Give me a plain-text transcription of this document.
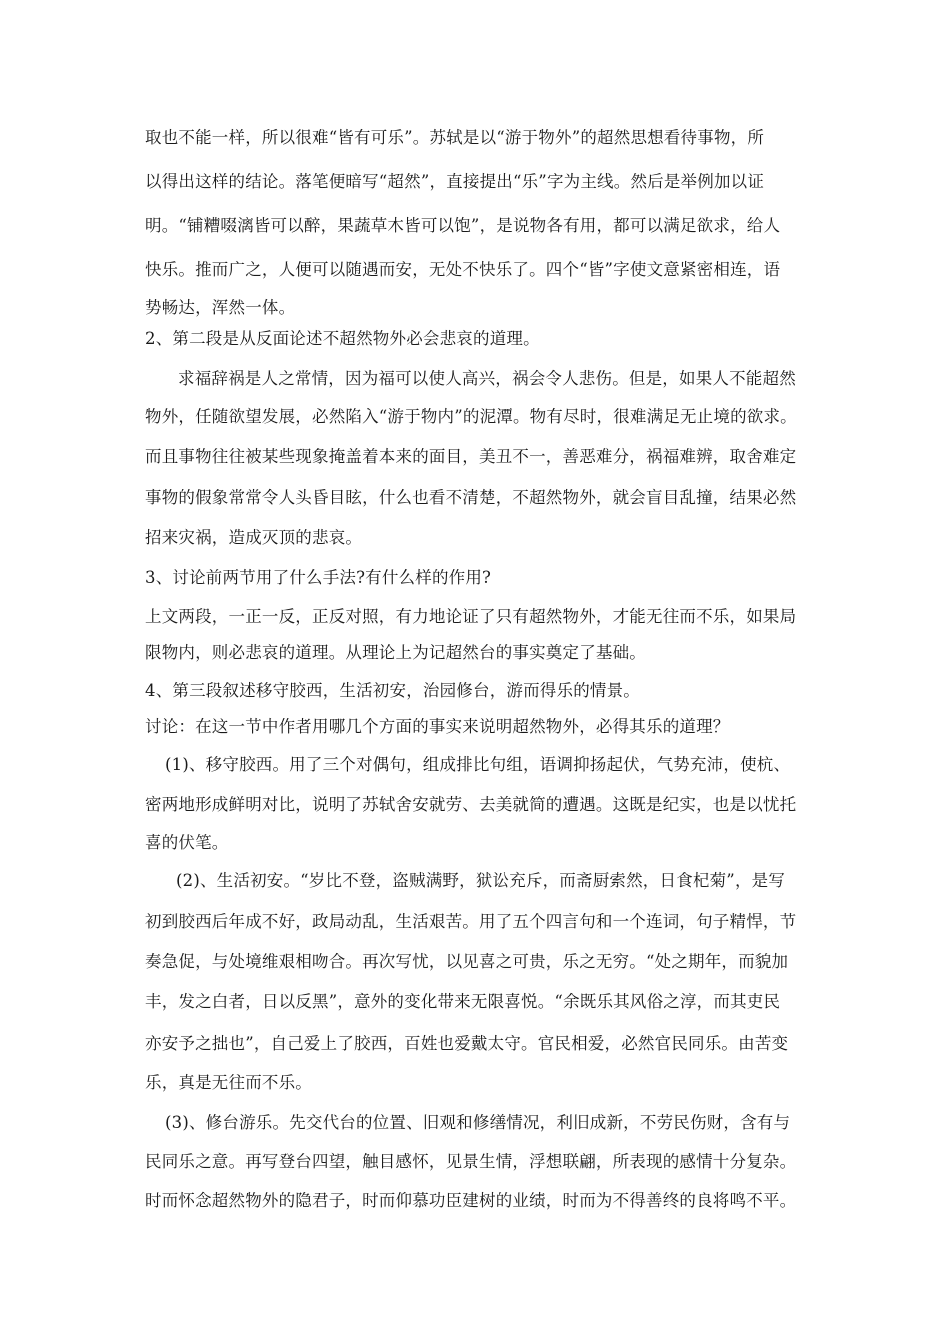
取也不能一样，所以很难“皆有可乐”。苏轼是以“游于物外”的超然思想看待事物，所
以得出这样的结论。落笔便暗写“超然”，直接提出“乐”字为主线。然后是举例加以证
明。“铺糟啜漓皆可以醉，果蔬草木皆可以饱”，是说物各有用，都可以满足欲求，给人
快乐。推而广之，人便可以随遇而安，无处不快乐了。四个“皆”字使文意紧密相连，语
势畅达，浑然一体。
2、第二段是从反面论述不超然物外必会悲哀的道理。
求福辞祸是人之常情，因为福可以使人高兴，祸会令人悲伤。但是，如果人不能超然
物外，任随欲望发展，必然陷入“游于物内”的泥潭。物有尽时，很难满足无止境的欲求。
而且事物往往被某些现象掩盖着本来的面目，美丑不一，善恶难分，祸福难辨，取舍难定
事物的假象常常令人头昏目眩，什么也看不清楚，不超然物外，就会盲目乱撞，结果必然
招来灾祸，造成灭顶的悲哀。
3、讨论前两节用了什么手法?有什么样的作用?
上文两段，一正一反，正反对照，有力地论证了只有超然物外，才能无往而不乐，如果局
限物内，则必悲哀的道理。从理论上为记超然台的事实奠定了基础。
4、第三段叙述移守胶西，生活初安，治园修台，游而得乐的情景。
讨论：在这一节中作者用哪几个方面的事实来说明超然物外，必得其乐的道理？
(1)、移守胶西。用了三个对偶句，组成排比句组，语调抑扬起伏，气势充沛，使杭、
密两地形成鲜明对比，说明了苏轼舍安就劳、去美就简的遭遇。这既是纪实，也是以忧托
喜的伏笔。
(2)、生活初安。“岁比不登，盗贼满野，狱讼充斥，而斋厨索然，日食杞菊”，是写
初到胶西后年成不好，政局动乱，生活艰苦。用了五个四言句和一个连词，句子精悍，节
奏急促，与处境维艰相吻合。再次写忧，以见喜之可贵，乐之无穷。“处之期年，而貌加
丰，发之白者，日以反黑”，意外的变化带来无限喜悦。“余既乐其风俗之淳，而其吏民
亦安予之拙也”，自己爱上了胶西，百姓也爱戴太守。官民相爱，必然官民同乐。由苦变
乐，真是无往而不乐。
(3)、修台游乐。先交代台的位置、旧观和修缮情况，利旧成新，不劳民伤财，含有与
民同乐之意。再写登台四望，触目感怀，见景生情，浮想联翩，所表现的感情十分复杂。
时而怀念超然物外的隐君子，时而仰慕功臣建树的业绩，时而为不得善终的良将鸣不平。
